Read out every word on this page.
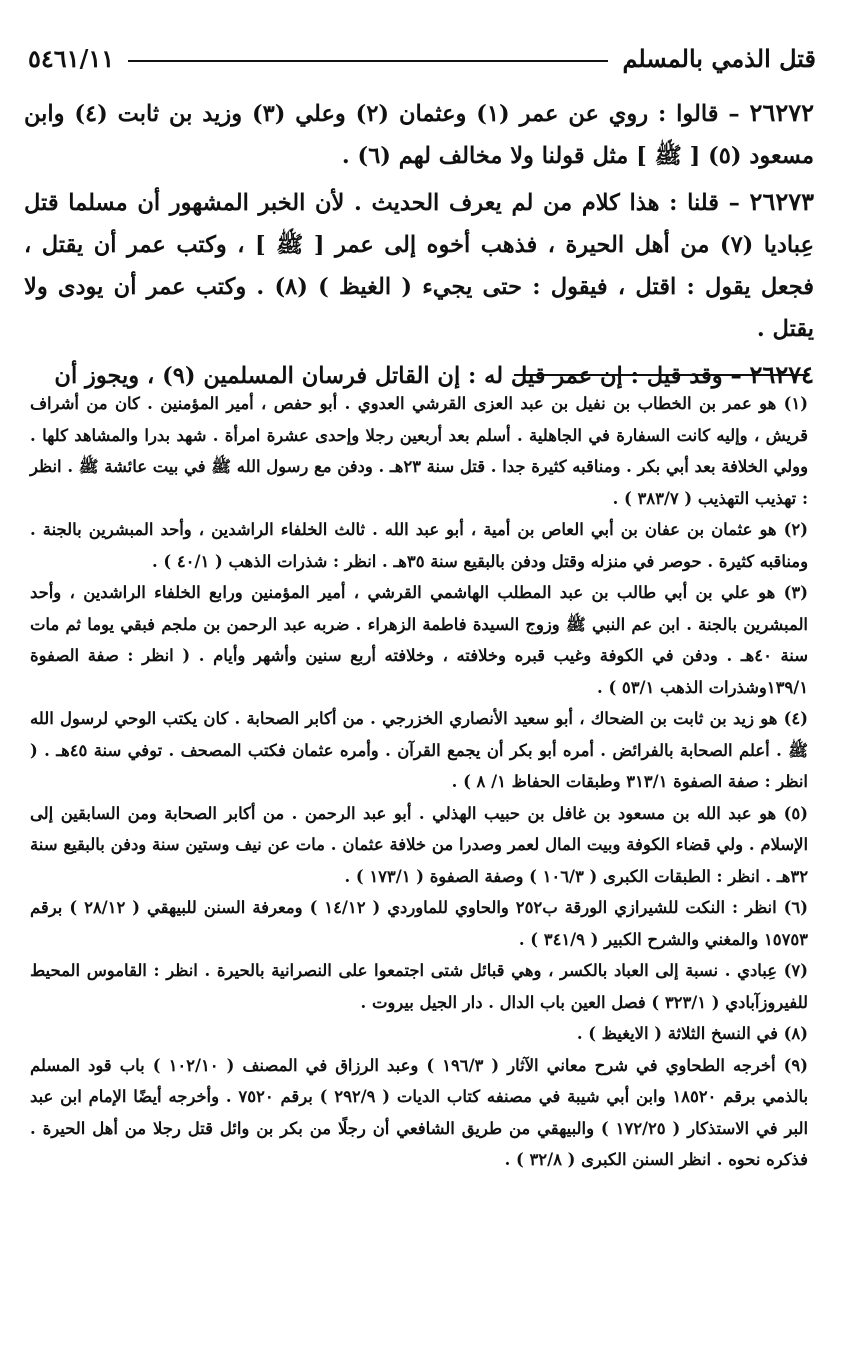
قتل الذمي بالمسلم
٥٤٦١/١١

٢٦٢٧٢ – قالوا : روي عن عمر (١) وعثمان (٢) وعلي (٣) وزيد بن ثابت (٤) وابن مسعود (٥) [ ﷺ ] مثل قولنا ولا مخالف لهم (٦) .

٢٦٢٧٣ – قلنا : هذا كلام من لم يعرف الحديث . لأن الخبر المشهور أن مسلما قتل عِباديا (٧) من أهل الحيرة ، فذهب أخوه إلى عمر [ ﷺ ] ، وكتب عمر أن يقتل ، فجعل يقول : اقتل ، فيقول : حتى يجيء ( الغيظ ) (٨) . وكتب عمر أن يودى ولا يقتل .

٢٦٢٧٤ – وقد قيل : إن عمر قيل له : إن القاتل فرسان المسلمين (٩) ، ويجوز أن

(١) هو عمر بن الخطاب بن نفيل بن عبد العزى القرشي العدوي . أبو حفص ، أمير المؤمنين . كان من أشراف قريش ، وإليه كانت السفارة في الجاهلية . أسلم بعد أربعين رجلا وإحدى عشرة امرأة . شهد بدرا والمشاهد كلها . وولي الخلافة بعد أبي بكر . ومناقبه كثيرة جدا . قتل سنة ٢٣هـ . ودفن مع رسول الله ﷺ في بيت عائشة ﷺ . انظر : تهذيب التهذيب ( ٣٨٣/٧ ) .

(٢) هو عثمان بن عفان بن أبي العاص بن أمية ، أبو عبد الله . ثالث الخلفاء الراشدين ، وأحد المبشرين بالجنة . ومناقبه كثيرة . حوصر في منزله وقتل ودفن بالبقيع سنة ٣٥هـ . انظر : شذرات الذهب ( ٤٠/١ ) .

(٣) هو علي بن أبي طالب بن عبد المطلب الهاشمي القرشي ، أمير المؤمنين ورابع الخلفاء الراشدين ، وأحد المبشرين بالجنة . ابن عم النبي ﷺ وزوج السيدة فاطمة الزهراء . ضربه عبد الرحمن بن ملجم فبقي يوما ثم مات سنة ٤٠هـ . ودفن في الكوفة وغيب قبره وخلافته ، وخلافته أربع سنين وأشهر وأيام . ( انظر : صفة الصفوة ١٣٩/١وشذرات الذهب ٥٣/١ ) .

(٤) هو زيد بن ثابت بن الضحاك ، أبو سعيد الأنصاري الخزرجي . من أكابر الصحابة . كان يكتب الوحي لرسول الله ﷺ . أعلم الصحابة بالفرائض . أمره أبو بكر أن يجمع القرآن . وأمره عثمان فكتب المصحف . توفي سنة ٤٥هـ . ( انظر : صفة الصفوة ٣١٣/١ وطبقات الحفاظ ١/ ٨ ) .

(٥) هو عبد الله بن مسعود بن غافل بن حبيب الهذلي . أبو عبد الرحمن . من أكابر الصحابة ومن السابقين إلى الإسلام . ولي قضاء الكوفة وبيت المال لعمر وصدرا من خلافة عثمان . مات عن نيف وستين سنة ودفن بالبقيع سنة ٣٢هـ . انظر : الطبقات الكبرى ( ١٠٦/٣ ) وصفة الصفوة ( ١٧٣/١ ) .

(٦) انظر : النكت للشيرازي الورقة ب٢٥٢ والحاوي للماوردي ( ١٤/١٢ ) ومعرفة السنن للبيهقي ( ٢٨/١٢ ) برقم ١٥٧٥٣ والمغني والشرح الكبير ( ٣٤١/٩ ) .

(٧) عِبادي . نسبة إلى العباد بالكسر ، وهي قبائل شتى اجتمعوا على النصرانية بالحيرة . انظر : القاموس المحيط للفيروزآبادي ( ٣٢٣/١ ) فصل العين باب الدال . دار الجيل بيروت .

(٨) في النسخ الثلاثة ( الايغيظ ) .

(٩) أخرجه الطحاوي في شرح معاني الآثار ( ١٩٦/٣ ) وعبد الرزاق في المصنف ( ١٠٢/١٠ ) باب قود المسلم بالذمي برقم ١٨٥٢٠ وابن أبي شيبة في مصنفه كتاب الديات ( ٢٩٢/٩ ) برقم ٧٥٢٠ . وأخرجه أيضًا الإمام ابن عبد البر في الاستذكار ( ١٧٢/٢٥ ) والبيهقي من طريق الشافعي أن رجلًا من بكر بن وائل قتل رجلا من أهل الحيرة . فذكره نحوه . انظر السنن الكبرى ( ٣٢/٨ ) .
